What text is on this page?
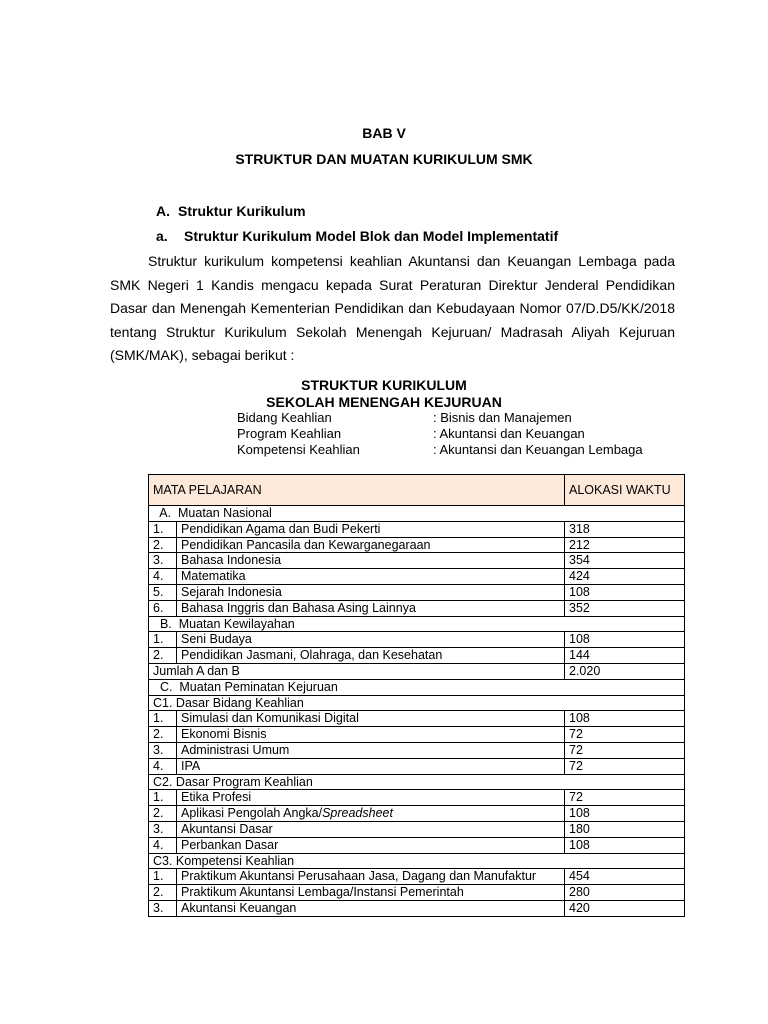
BAB V
STRUKTUR DAN MUATAN KURIKULUM SMK
A. Struktur Kurikulum
a. Struktur Kurikulum Model Blok dan Model Implementatif
Struktur kurikulum kompetensi keahlian Akuntansi dan Keuangan Lembaga pada SMK Negeri 1 Kandis mengacu kepada Surat Peraturan Direktur Jenderal Pendidikan Dasar dan Menengah Kementerian Pendidikan dan Kebudayaan Nomor 07/D.D5/KK/2018 tentang Struktur Kurikulum Sekolah Menengah Kejuruan/ Madrasah Aliyah Kejuruan (SMK/MAK), sebagai berikut :
STRUKTUR KURIKULUM
SEKOLAH MENENGAH KEJURUAN
Bidang Keahlian	: Bisnis dan Manajemen
Program Keahlian	: Akuntansi dan Keuangan
Kompetensi Keahlian	: Akuntansi dan Keuangan Lembaga
MATA PELAJARAN		ALOKASI WAKTU
A.  Muatan Nasional		
1.	Pendidikan Agama dan Budi Pekerti	318
2.	Pendidikan Pancasila dan Kewarganegaraan	212
3.	Bahasa Indonesia	354
4.	Matematika	424
5.	Sejarah Indonesia	108
6.	Bahasa Inggris dan Bahasa Asing Lainnya	352
B.  Muatan Kewilayahan		
1.	Seni Budaya	108
2.	Pendidikan Jasmani, Olahraga, dan Kesehatan	144
Jumlah A dan B		2.020
C.  Muatan Peminatan Kejuruan		
C1. Dasar Bidang Keahlian		
1.	Simulasi dan Komunikasi Digital	108
2.	Ekonomi Bisnis	72
3.	Administrasi Umum	72
4.	IPA	72
C2. Dasar Program Keahlian		
1.	Etika Profesi	72
2.	Aplikasi Pengolah Angka/Spreadsheet	108
3.	Akuntansi Dasar	180
4.	Perbankan Dasar	108
C3. Kompetensi Keahlian		
1.	Praktikum Akuntansi Perusahaan Jasa, Dagang dan Manufaktur	454
2.	Praktikum Akuntansi Lembaga/Instansi Pemerintah	280
3.	Akuntansi Keuangan	420
